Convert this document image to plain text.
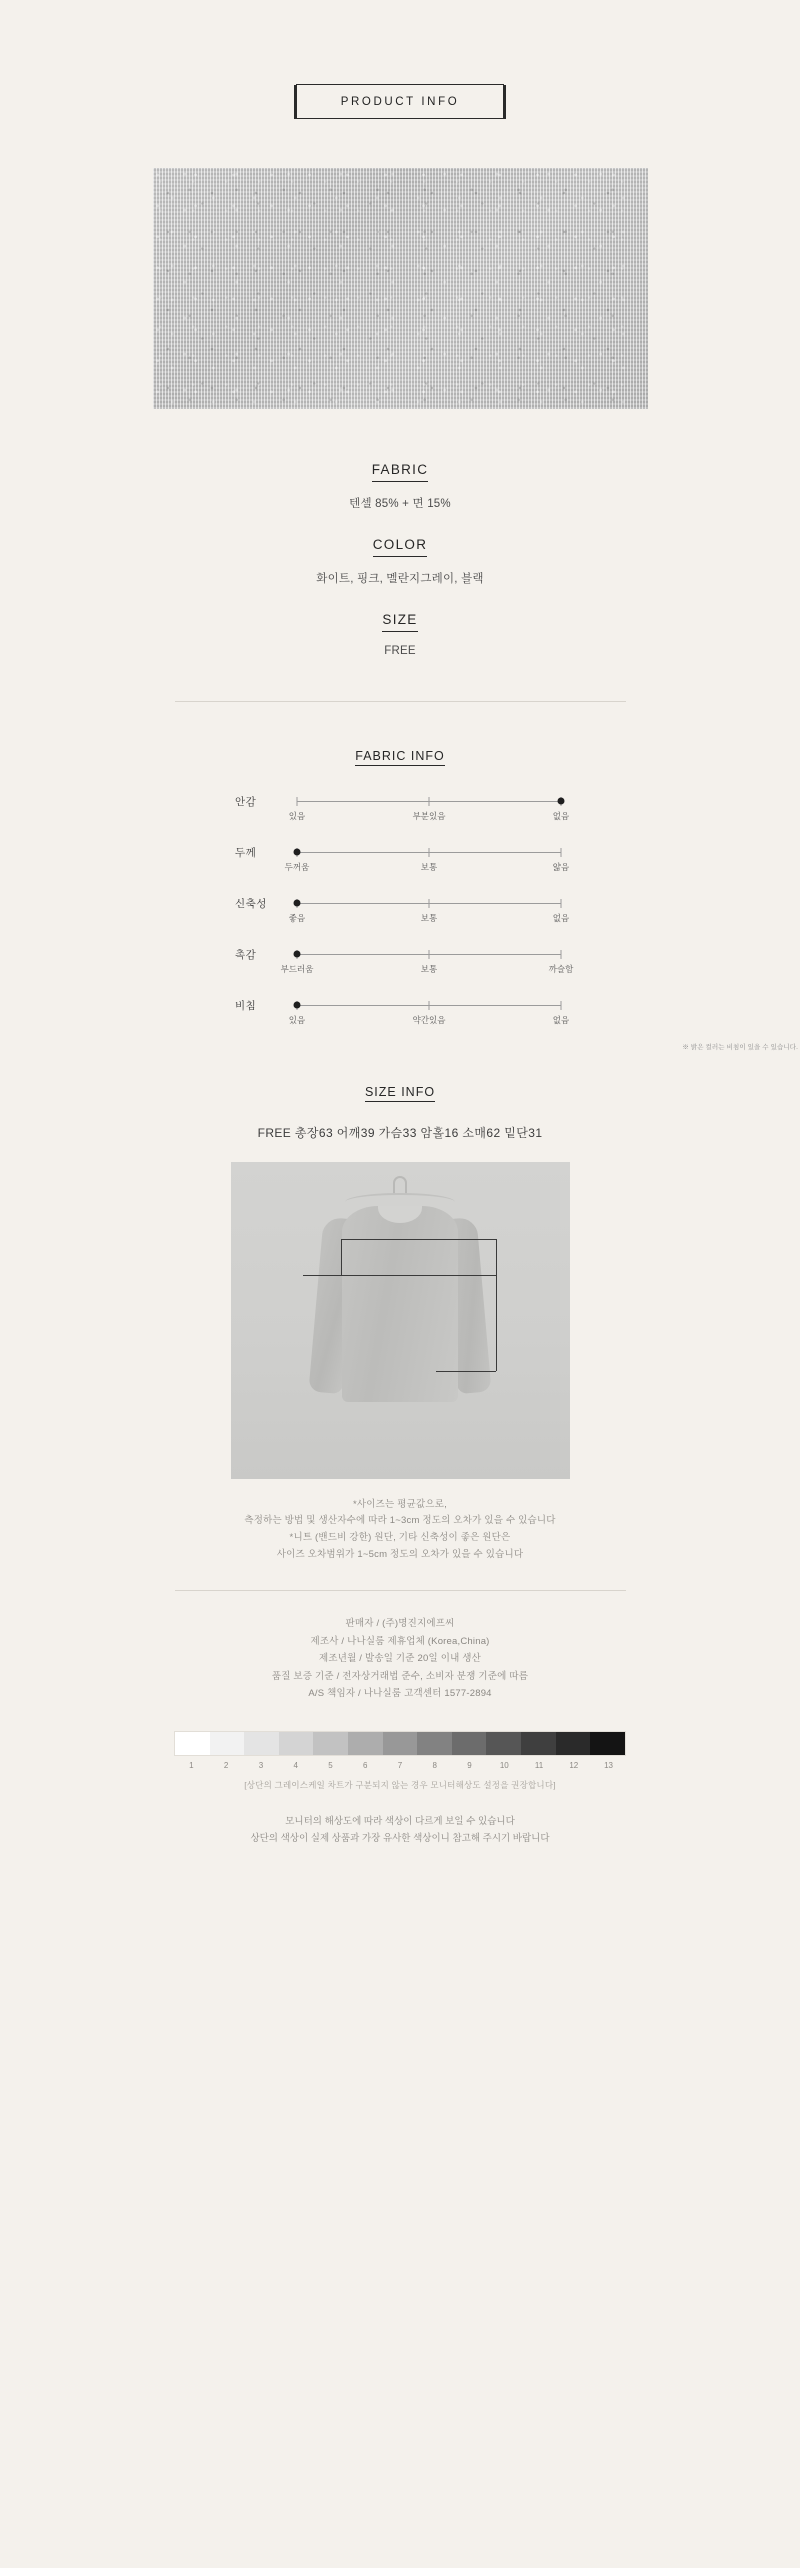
PRODUCT INFO
FABRIC
텐셀 85% + 면 15%
COLOR
화이트, 핑크, 멜란지그레이, 블랙
SIZE
FREE
FABRIC INFO
안감
있음	부분있음	없음
두께
두꺼움	보통	얇음
신축성
좋음	보통	없음
촉감
부드러움	보통	까슬함
비침
있음	약간있음	없음
※ 밝은 컬러는 비침이 있을 수 있습니다.
SIZE INFO
FREE 총장63 어깨39 가슴33 암홀16 소매62 밑단31
*사이즈는 평균값으로,
측정하는 방법 및 생산자수에 따라 1~3cm 정도의 오차가 있을 수 있습니다
*니트 (밴드비 강한) 원단, 기타 신축성이 좋은 원단은
사이즈 오차범위가 1~5cm 정도의 오차가 있을 수 있습니다
판매자 / (주)명진지에프씨
제조사 / 나나실룸 제휴업체 (Korea,China)
제조년월 / 발송일 기준 20일 이내 생산
품질 보증 기준 / 전자상거래법 준수, 소비자 분쟁 기준에 따름
A/S 책임자 / 나나실룸 고객센터 1577-2894
1	2	3	4	5	6	7	8	9	10	11	12	13
[상단의 그레이스케일 차트가 구분되지 않는 경우 모니터해상도 설정을 권장합니다]
모니터의 해상도에 따라 색상이 다르게 보일 수 있습니다
상단의 색상이 실제 상품과 가장 유사한 색상이니 참고해 주시기 바랍니다
